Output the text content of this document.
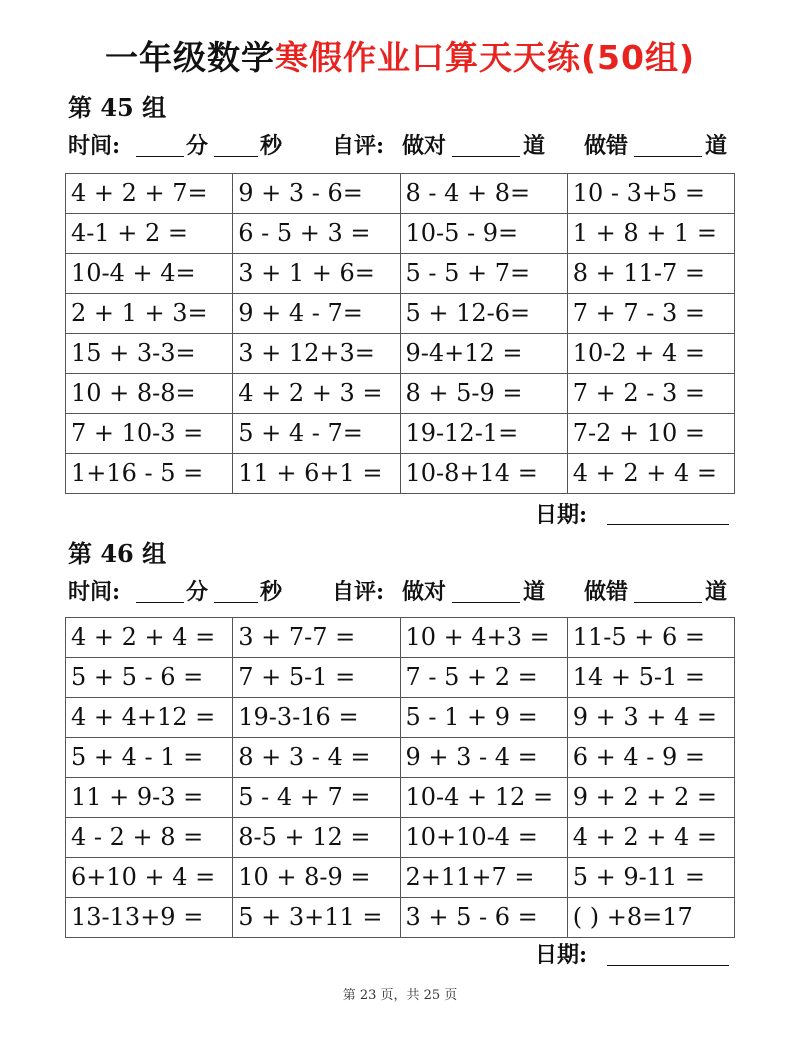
一年级数学寒假作业口算天天练(50组)
第 45 组
时间:	分 秒 自评: 做对	道 做错	道
4 + 2 + 7=	9 + 3 - 6=	8 - 4 + 8=	10 - 3+5 =
4-1 + 2 =	6 - 5 + 3 =	10-5 - 9=	1 + 8 + 1 =
10-4 + 4=	3 + 1 + 6=	5 - 5 + 7=	8 + 11-7 =
2 + 1 + 3=	9 + 4 - 7=	5 + 12-6=	7 + 7 - 3 =
15 + 3-3=	3 + 12+3=	9-4+12 =	10-2 + 4 =
10 + 8-8=	4 + 2 + 3 =	8 + 5-9 =	7 + 2 - 3 =
7 + 10-3 =	5 + 4 - 7=	19-12-1=	7-2 + 10 =
1+16 - 5 =	11 + 6+1 =	10-8+14 =	4 + 2 + 4 =
日期:
第 46 组
时间:	分 秒 自评: 做对	道 做错	道
4 + 2 + 4 =	3 + 7-7 =	10 + 4+3 =	11-5 + 6 =
5 + 5 - 6 =	7 + 5-1 =	7 - 5 + 2 =	14 + 5-1 =
4 + 4+12 =	19-3-16 =	5 - 1 + 9 =	9 + 3 + 4 =
5 + 4 - 1 =	8 + 3 - 4 =	9 + 3 - 4 =	6 + 4 - 9 =
11 + 9-3 =	5 - 4 + 7 =	10-4 + 12 =	9 + 2 + 2 =
4 - 2 + 8 =	8-5 + 12 =	10+10-4 =	4 + 2 + 4 =
6+10 + 4 =	10 + 8-9 =	2+11+7 =	5 + 9-11 =
13-13+9 =	5 + 3+11 =	3 + 5 - 6 =	( ) +8=17
日期:
第 23 页，共 25 页
